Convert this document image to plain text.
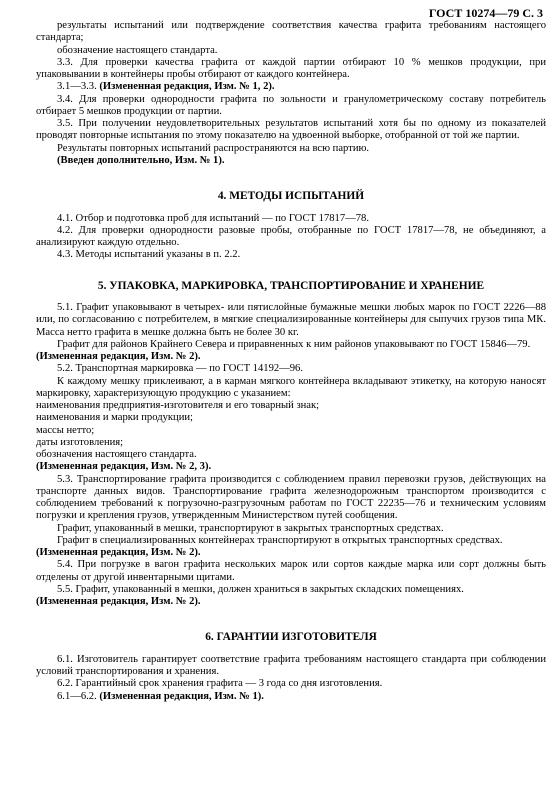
ГОСТ 10274—79 С. 3

результаты испытаний или подтверждение соответствия качества графита требованиям настоящего стандарта;

обозначение настоящего стандарта.

3.3. Для проверки качества графита от каждой партии отбирают 10 % мешков продукции, при упаковывании в контейнеры пробы отбирают от каждого контейнера.

3.1—3.3. (Измененная редакция, Изм. № 1, 2).

3.4. Для проверки однородности графита по зольности и гранулометрическому составу потребитель отбирает 5 мешков продукции от партии.

3.5. При получении неудовлетворительных результатов испытаний хотя бы по одному из показателей проводят повторные испытания по этому показателю на удвоенной выборке, отобранной от той же партии.

Результаты повторных испытаний распространяются на всю партию.

(Введен дополнительно, Изм. № 1).

4. МЕТОДЫ ИСПЫТАНИЙ

4.1. Отбор и подготовка проб для испытаний — по ГОСТ 17817—78.

4.2. Для проверки однородности разовые пробы, отобранные по ГОСТ 17817—78, не объединяют, а анализируют каждую отдельно.

4.3. Методы испытаний указаны в п. 2.2.

5. УПАКОВКА, МАРКИРОВКА, ТРАНСПОРТИРОВАНИЕ И ХРАНЕНИЕ

5.1. Графит упаковывают в четырех- или пятислойные бумажные мешки любых марок по ГОСТ 2226—88 или, по согласованию с потребителем, в мягкие специализированные контейнеры для сыпучих грузов типа МК. Масса нетто графита в мешке должна быть не более 30 кг.

Графит для районов Крайнего Севера и приравненных к ним районов упаковывают по ГОСТ 15846—79.

(Измененная редакция, Изм. № 2).

5.2. Транспортная маркировка — по ГОСТ 14192—96.

К каждому мешку приклеивают, а в карман мягкого контейнера вкладывают этикетку, на которую наносят маркировку, характеризующую продукцию с указанием:

наименования предприятия-изготовителя и его товарный знак;

наименования и марки продукции;

массы нетто;

даты изготовления;

обозначения настоящего стандарта.

(Измененная редакция, Изм. № 2, 3).

5.3. Транспортирование графита производится с соблюдением правил перевозки грузов, действующих на транспорте данных видов. Транспортирование графита железнодорожным транспортом производится с соблюдением требований к погрузочно-разгрузочным работам по ГОСТ 22235—76 и техническим условиям погрузки и крепления грузов, утвержденным Министерством путей сообщения.

Графит, упакованный в мешки, транспортируют в закрытых транспортных средствах.

Графит в специализированных контейнерах транспортируют в открытых транспортных средствах.

(Измененная редакция, Изм. № 2).

5.4. При погрузке в вагон графита нескольких марок или сортов каждые марка или сорт должны быть отделены от другой инвентарными щитами.

5.5. Графит, упакованный в мешки, должен храниться в закрытых складских помещениях.

(Измененная редакция, Изм. № 2).

6. ГАРАНТИИ ИЗГОТОВИТЕЛЯ

6.1. Изготовитель гарантирует соответствие графита требованиям настоящего стандарта при соблюдении условий транспортирования и хранения.

6.2. Гарантийный срок хранения графита — 3 года со дня изготовления.

6.1—6.2. (Измененная редакция, Изм. № 1).
